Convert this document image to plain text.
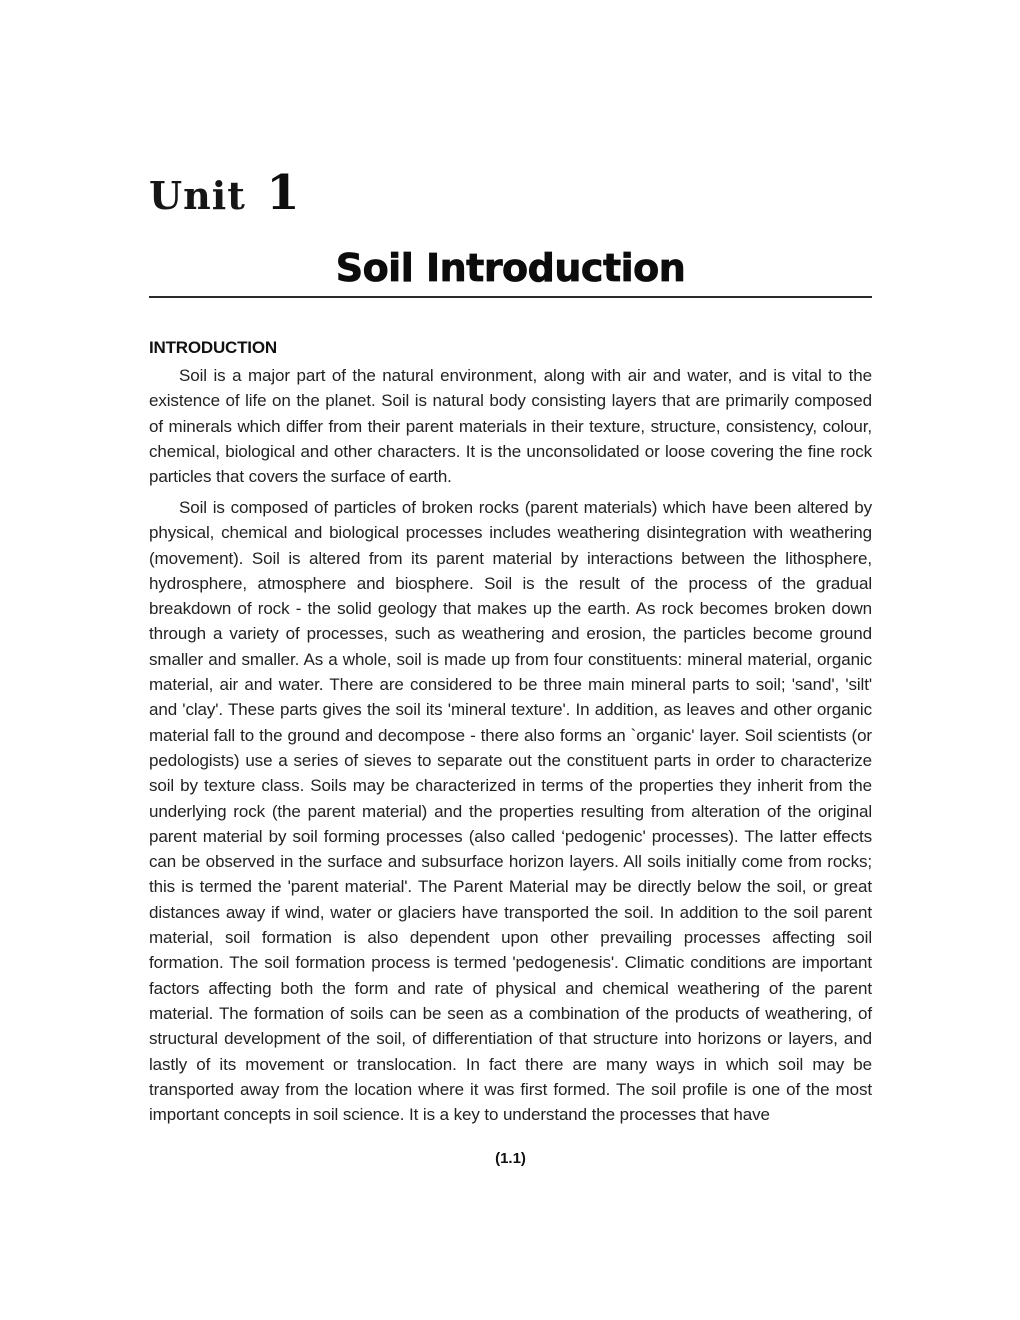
Unit 1
Soil Introduction
INTRODUCTION

Soil is a major part of the natural environment, along with air and water, and is vital to the existence of life on the planet. Soil is natural body consisting layers that are primarily composed of minerals which differ from their parent materials in their texture, structure, consistency, colour, chemical, biological and other characters. It is the unconsolidated or loose covering the fine rock particles that covers the surface of earth.

Soil is composed of particles of broken rocks (parent materials) which have been altered by physical, chemical and biological processes includes weathering disintegration with weathering (movement). Soil is altered from its parent material by interactions between the lithosphere, hydrosphere, atmosphere and biosphere. Soil is the result of the process of the gradual breakdown of rock - the solid geology that makes up the earth. As rock becomes broken down through a variety of processes, such as weathering and erosion, the particles become ground smaller and smaller. As a whole, soil is made up from four constituents: mineral material, organic material, air and water. There are considered to be three main mineral parts to soil; 'sand', 'silt' and 'clay'. These parts gives the soil its 'mineral texture'. In addition, as leaves and other organic material fall to the ground and decompose - there also forms an `organic' layer. Soil scientists (or pedologists) use a series of sieves to separate out the constituent parts in order to characterize soil by texture class. Soils may be characterized in terms of the properties they inherit from the underlying rock (the parent material) and the properties resulting from alteration of the original parent material by soil forming processes (also called ‘pedogenic' processes). The latter effects can be observed in the surface and subsurface horizon layers. All soils initially come from rocks; this is termed the 'parent material'. The Parent Material may be directly below the soil, or great distances away if wind, water or glaciers have transported the soil. In addition to the soil parent material, soil formation is also dependent upon other prevailing processes affecting soil formation. The soil formation process is termed 'pedogenesis'. Climatic conditions are important factors affecting both the form and rate of physical and chemical weathering of the parent material. The formation of soils can be seen as a combination of the products of weathering, of structural development of the soil, of differentiation of that structure into horizons or layers, and lastly of its movement or translocation. In fact there are many ways in which soil may be transported away from the location where it was first formed. The soil profile is one of the most important concepts in soil science. It is a key to understand the processes that have

(1.1)
